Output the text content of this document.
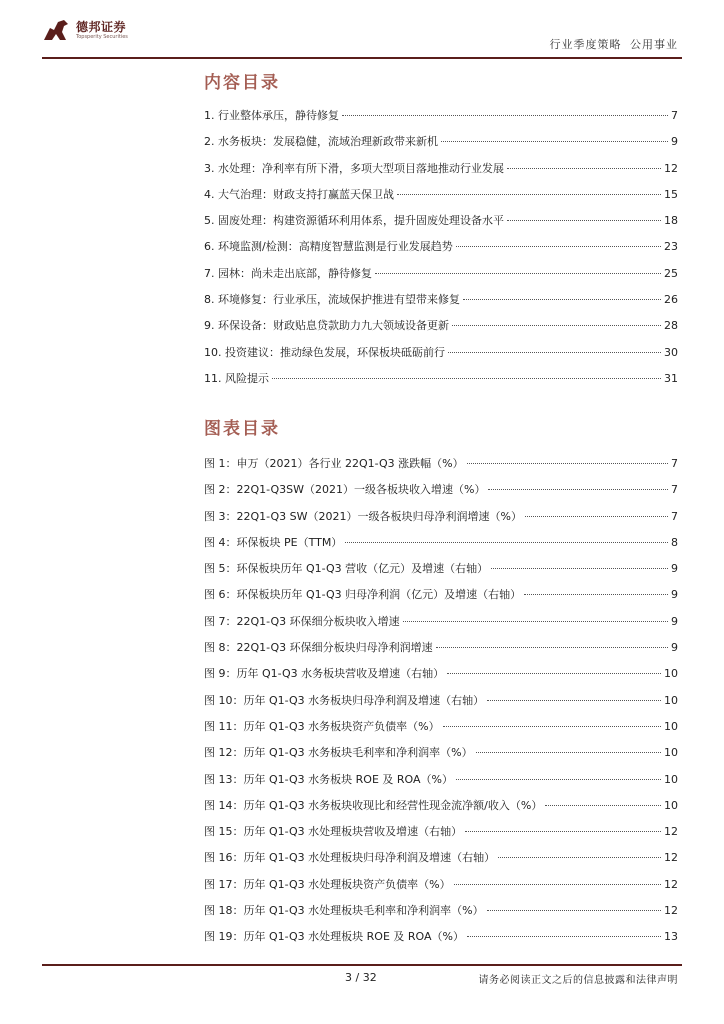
德邦证券
Topsperity Securities
行业季度策略 公用事业
内容目录
1. 行业整体承压，静待修复	7
2. 水务板块：发展稳健，流域治理新政带来新机	9
3. 水处理：净利率有所下滑，多项大型项目落地推动行业发展	12
4. 大气治理：财政支持打赢蓝天保卫战	15
5. 固废处理：构建资源循环利用体系，提升固废处理设备水平	18
6. 环境监测/检测：高精度智慧监测是行业发展趋势	23
7. 园林：尚未走出底部，静待修复	25
8. 环境修复：行业承压，流域保护推进有望带来修复	26
9. 环保设备：财政贴息贷款助力九大领域设备更新	28
10. 投资建议：推动绿色发展，环保板块砥砺前行	30
11. 风险提示	31
图表目录
图 1：申万（2021）各行业 22Q1-Q3 涨跌幅（%）	7
图 2：22Q1-Q3SW（2021）一级各板块收入增速（%）	7
图 3：22Q1-Q3 SW（2021）一级各板块归母净利润增速（%）	7
图 4：环保板块 PE（TTM）	8
图 5：环保板块历年 Q1-Q3 营收（亿元）及增速（右轴）	9
图 6：环保板块历年 Q1-Q3 归母净利润（亿元）及增速（右轴）	9
图 7：22Q1-Q3 环保细分板块收入增速	9
图 8：22Q1-Q3 环保细分板块归母净利润增速	9
图 9：历年 Q1-Q3 水务板块营收及增速（右轴）	10
图 10：历年 Q1-Q3 水务板块归母净利润及增速（右轴）	10
图 11：历年 Q1-Q3 水务板块资产负债率（%）	10
图 12：历年 Q1-Q3 水务板块毛利率和净利润率（%）	10
图 13：历年 Q1-Q3 水务板块 ROE 及 ROA（%）	10
图 14：历年 Q1-Q3 水务板块收现比和经营性现金流净额/收入（%）	10
图 15：历年 Q1-Q3 水处理板块营收及增速（右轴）	12
图 16：历年 Q1-Q3 水处理板块归母净利润及增速（右轴）	12
图 17：历年 Q1-Q3 水处理板块资产负债率（%）	12
图 18：历年 Q1-Q3 水处理板块毛利率和净利润率（%）	12
图 19：历年 Q1-Q3 水处理板块 ROE 及 ROA（%）	13
3 / 32	请务必阅读正文之后的信息披露和法律声明
